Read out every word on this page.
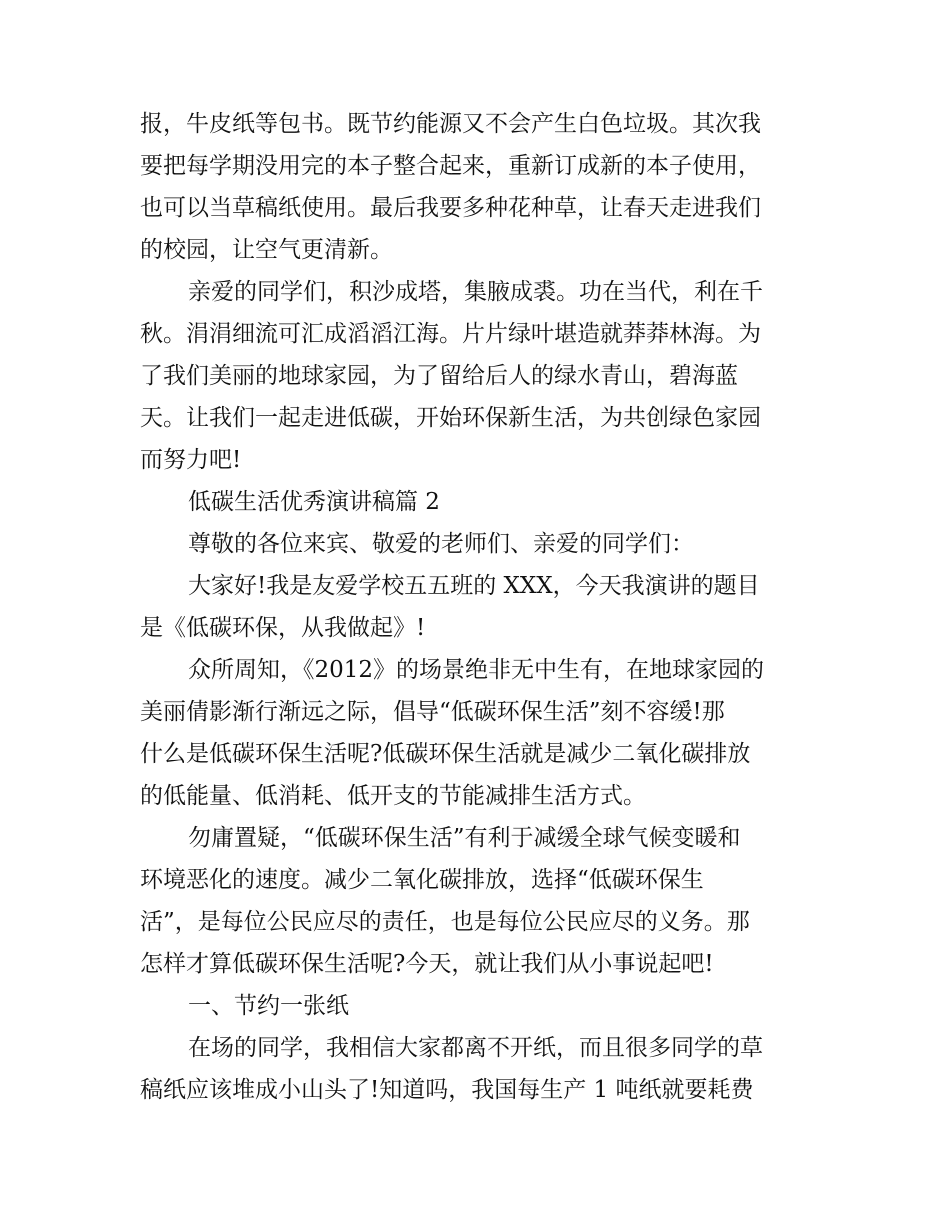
报，牛皮纸等包书。既节约能源又不会产生白色垃圾。其次我
要把每学期没用完的本子整合起来，重新订成新的本子使用，
也可以当草稿纸使用。最后我要多种花种草，让春天走进我们
的校园，让空气更清新。

亲爱的同学们，积沙成塔，集腋成裘。功在当代，利在千
秋。涓涓细流可汇成滔滔江海。片片绿叶堪造就莽莽林海。为
了我们美丽的地球家园，为了留给后人的绿水青山，碧海蓝
天。让我们一起走进低碳，开始环保新生活，为共创绿色家园
而努力吧!

低碳生活优秀演讲稿篇 2

尊敬的各位来宾、敬爱的老师们、亲爱的同学们：

大家好!我是友爱学校五五班的 XXX，今天我演讲的题目
是《低碳环保，从我做起》!

众所周知，《2012》的场景绝非无中生有，在地球家园的
美丽倩影渐行渐远之际，倡导“低碳环保生活”刻不容缓!那
什么是低碳环保生活呢?低碳环保生活就是减少二氧化碳排放
的低能量、低消耗、低开支的节能减排生活方式。

勿庸置疑，“低碳环保生活”有利于减缓全球气候变暖和
环境恶化的速度。减少二氧化碳排放，选择“低碳环保生
活”，是每位公民应尽的责任，也是每位公民应尽的义务。那
怎样才算低碳环保生活呢?今天，就让我们从小事说起吧!

一、节约一张纸

在场的同学，我相信大家都离不开纸，而且很多同学的草
稿纸应该堆成小山头了!知道吗，我国每生产 1 吨纸就要耗费
